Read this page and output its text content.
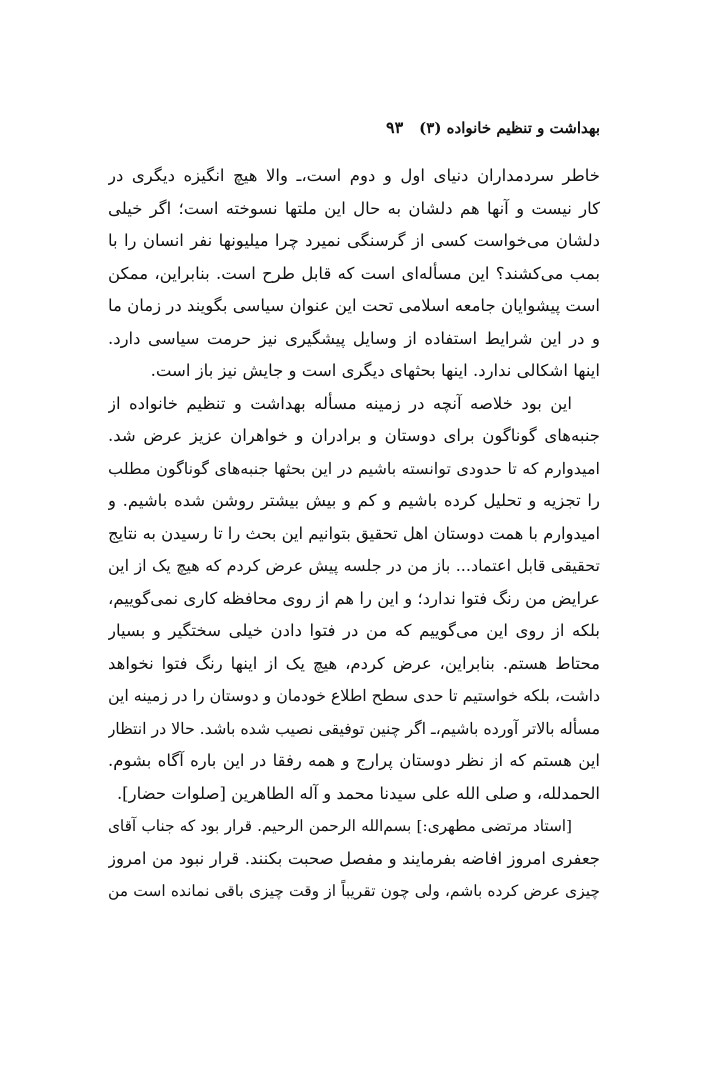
بهداشت و تنظیم خانواده (۳)
۹۳
خاطر سردمداران دنیای اول و دوم است،ـ والا هیچ انگیزه دیگری در
کار نیست و آنها هم دلشان به حال این ملتها نسوخته است؛ اگر خیلی
دلشان می‌خواست کسی از گرسنگی نمیرد چرا میلیونها نفر انسان را با
بمب می‌کشند؟ این مسأله‌ای است که قابل طرح است. بنابراین، ممکن
است پیشوایان جامعه اسلامی تحت این عنوان سیاسی بگویند در زمان ما
و در این شرایط استفاده از وسایل پیشگیری نیز حرمت سیاسی دارد.
اینها اشکالی ندارد. اینها بحثهای دیگری است و جایش نیز باز است.
این بود خلاصه آنچه در زمینه مسأله بهداشت و تنظیم خانواده از
جنبه‌های گوناگون برای دوستان و برادران و خواهران عزیز عرض شد.
امیدوارم که تا حدودی توانسته باشیم در این بحثها جنبه‌های گوناگون مطلب
را تجزیه و تحلیل کرده باشیم و کم و بیش بیشتر روشن شده باشیم. و
امیدوارم با همت دوستان اهل تحقیق بتوانیم این بحث را تا رسیدن به نتایج
تحقیقی قابل اعتماد... باز من در جلسه پیش عرض کردم که هیچ یک از این
عرایض من رنگ فتوا ندارد؛ و این را هم از روی محافظه کاری نمی‌گوییم،
بلکه از روی این می‌گوییم که من در فتوا دادن خیلی سختگیر و بسیار
محتاط هستم. بنابراین، عرض کردم، هیچ یک از اینها رنگ فتوا نخواهد
داشت، بلکه خواستیم تا حدی سطح اطلاع خودمان و دوستان را در زمینه این
مسأله بالاتر آورده باشیم،ـ اگر چنین توفیقی نصیب شده باشد. حالا در انتظار
این هستم که از نظر دوستان پرارج و همه رفقا در این باره آگاه بشوم.
الحمدلله، و صلی الله علی سیدنا محمد و آله الطاهرین [صلوات حضار].
[استاد مرتضی مطهری:] بسم‌الله الرحمن الرحیم. قرار بود که جناب آقای
جعفری امروز افاضه بفرمایند و مفصل صحبت بکنند. قرار نبود من امروز
چیزی عرض کرده باشم، ولی چون تقریباً از وقت چیزی باقی نمانده است من
